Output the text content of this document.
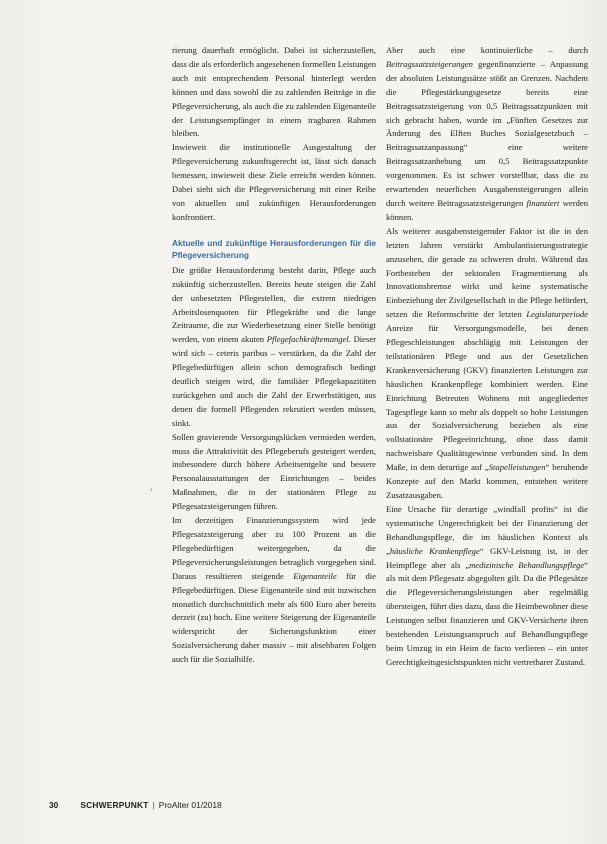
rierung dauerhaft ermöglicht. Dabei ist sicherzustellen, dass die als erforderlich angesehenen formellen Leistungen auch mit entsprechendem Personal hinterlegt werden können und dass sowohl die zu zahlenden Beiträge in die Pflegeversicherung, als auch die zu zahlenden Eigenanteile der Leistungsempfänger in einem tragbaren Rahmen bleiben.

Inwieweit die institutionelle Ausgestaltung der Pflegeversicherung zukunftsgerecht ist, lässt sich danach bemessen, inwieweit diese Ziele erreicht werden können. Dabei sieht sich die Pflegeversicherung mit einer Reihe von aktuellen und zukünftigen Herausforderungen konfrontiert.

Aktuelle und zukünftige Herausforderungen für die Pflegeversicherung

Die größte Herausforderung besteht darin, Pflege auch zukünftig sicherzustellen. Bereits heute steigen die Zahl der unbesetzten Pflegestellen, die extrem niedrigen Arbeitslosenquoten für Pflegekräfte und die lange Zeitraume, die zur Wiederbesetzung einer Stelle benötigt werden, von einem akuten Pflegefachkräftemangel. Dieser wird sich – ceteris paribus – verstärken, da die Zahl der Pflegebedürftigen allein schon demografisch bedingt deutlich steigen wird, die familiäer Pflegekapazitäten zurückgehen und auch die Zahl der Erwerbstätigen, aus denen die formell Pflegenden rekrutiert werden müssen, sinkt.

Sollen gravierende Versorgungslücken vermieden werden, muss die Attraktivität des Pflegeberufs gesteigert werden, insbesondere durch höhere Arbeitsentgelte und bessere Personalausstattungen der Einrichtungen – beides Maßnahmen, die in der stationären Pflege zu Pflegesatzsteigerungen führen.

Im derzeitigen Finanzierungssystem wird jede Pflegesatzsteigerung aber zu 100 Prozent an die Pflegebedürftigen weitergegeben, da die Pflegeversicherungsleistungen betraglich vorgegeben sind. Daraus resultieren steigende Eigenanteile für die Pflegebedürftigen. Diese Eigenanteile sind mit inzwischen monatlich durchschnittlich mehr als 600 Euro aber bereits derzeit (zu) hoch. Eine weitere Steigerung der Eigenanteile widerspricht der Sicherungsfunktion einer Sozialversicherung daher massiv – mit absehbaren Folgen auch für die Sozialhilfe.

Aber auch eine kontinuierliche – durch Beitragssatzsteigerungen gegenfinanzierte – Anpassung der absoluten Leistungssätze stößt an Grenzen. Nachdem die Pflegestärkungsgesetze bereits eine Beitragssatzsteigerung von 0,5 Beitragssatzpunkten mit sich gebracht haben, wurde im „Fünften Gesetzes zur Änderung des Elften Buches Sozialgesetzbuch – Beitragssatzanpassung“ eine weitere Beitragssatzanhebung um 0,5 Beitragssatzpunkte vorgenommen. Es ist schwer vorstellbar, dass die zu erwartenden neuerlichen Ausgabensteigerungen allein durch weitere Beitragssatzsteigerungen finanziert werden können.

Als weiterer ausgabensteigernder Faktor ist die in den letzten Jahren verstärkt Ambulantisierungsstrategie anzusehen, die gerade zu schweren droht. Während das Fortbestehen der sektoralen Fragmentierung als Innovationsbremse wirkt und keine systematische Einbeziehung der Zivilgesellschaft in die Pflege befördert, setzen die Reformschritte der letzten Legislaturperiode Anreize für Versorgungsmodelle, bei denen Pflegeschleistungen abschlägig mit Leistungen der teilstationären Pflege und aus der Gesetzlichen Krankenversicherung (GKV) finanzierten Leistungen zur häuslichen Krankenpflege kombiniert werden. Eine Einrichtung Betreuten Wohnens mit angegliederter Tagespflege kann so mehr als doppelt so hohe Leistungen aus der Sozialversicherung beziehen als eine vollstationäre Pflegeeinrichtung, ohne dass damit nachweisbare Qualitätsgewinne verbunden sind. In dem Maße, in dem derartige auf „Stapelleistungen“ beruhende Konzepte auf den Markt kommen, entstehen weitere Zusatzausgaben.

Eine Ursache für derartige „windfall profits“ ist die systematische Ungerechtigkeit bei der Finanzierung der Behandlungspflege, die im häuslichen Kontext als „häusliche Krankenpflege“ GKV-Leistung ist, in der Heimpflege aber als „medizinische Behandlungspflege“ als mit dem Pflegesatz abgegolten gilt. Da die Pflegesätze die Pflegeversicherungsleistungen aber regelmäßig übersteigen, führt dies dazu, dass die Heimbewohner diese Leistungen selbst finanzieren und GKV-Versicherte ihren bestehenden Leistungsanspruch auf Behandlungspflege beim Umzug in ein Heim de facto verlieren – ein unter Gerechtigkeitsgesichtspunkten nicht vertretbarer Zustand.

‹
30	SCHWERPUNKT | ProAlter 01/2018
